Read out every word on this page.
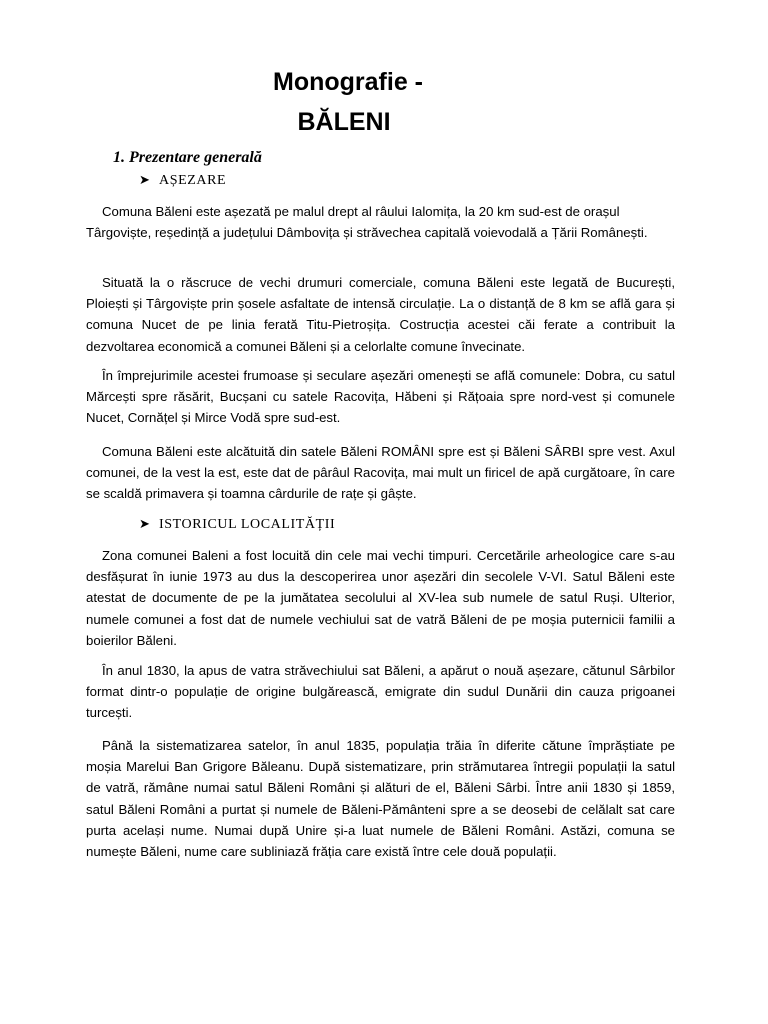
Monografie -
BĂLENI
1. Prezentare generală
➤ AȘEZARE

Comuna Băleni este așezată pe malul drept al râului Ialomița, la 20 km sud-est de orașul Târgoviște, reședință a județului Dâmbovița și străvechea capitală voievodală a Țării Românești.

Situată la o răscruce de vechi drumuri comerciale, comuna Băleni este legată de București, Ploiești și Târgoviște prin șosele asfaltate de intensă circulație. La o distanță de 8 km se află gara și comuna Nucet de pe linia ferată Titu-Pietroșița. Costrucția acestei căi ferate a contribuit la dezvoltarea economică a comunei Băleni și a celorlalte comune învecinate.

În împrejurimile acestei frumoase și seculare așezări omenești se află comunele: Dobra, cu satul Mărcești spre răsărit, Bucșani cu satele Racovița, Hăbeni și Rățoaia spre nord-vest și comunele Nucet, Cornățel și Mirce Vodă spre sud-est.

Comuna Băleni este alcătuită din satele Băleni ROMÂNI spre est și Băleni SÂRBI spre vest. Axul comunei, de la vest la est, este dat de pârâul Racovița, mai mult un firicel de apă curgătoare, în care se scaldă primavera și toamna cârdurile de rațe și gâște.

➤ ISTORICUL LOCALITĂȚII

Zona comunei Baleni a fost locuită din cele mai vechi timpuri. Cercetările arheologice care s-au desfășurat în iunie 1973 au dus la descoperirea unor așezări din secolele V-VI. Satul Băleni este atestat de documente de pe la jumătatea secolului al XV-lea sub numele de satul Ruși. Ulterior, numele comunei a fost dat de numele vechiului sat de vatră Băleni de pe moșia puternicii familii a boierilor Băleni.

În anul 1830, la apus de vatra străvechiului sat Băleni, a apărut o nouă așezare, cătunul Sârbilor format dintr-o populație de origine bulgărească, emigrate din sudul Dunării din cauza prigoanei turcești.

Până la sistematizarea satelor, în anul 1835, populația trăia în diferite cătune împrăștiate pe moșia Marelui Ban Grigore Băleanu. După sistematizare, prin strămutarea întregii populații la satul de vatră, rămâne numai satul Băleni Români și alături de el, Băleni Sârbi. Între anii 1830 și 1859, satul Băleni Români a purtat și numele de Băleni-Pământeni spre a se deosebi de celălalt sat care purta același nume. Numai după Unire și-a luat numele de Băleni Români. Astăzi, comuna se numește Băleni, nume care subliniază frăția care există între cele două populații.
